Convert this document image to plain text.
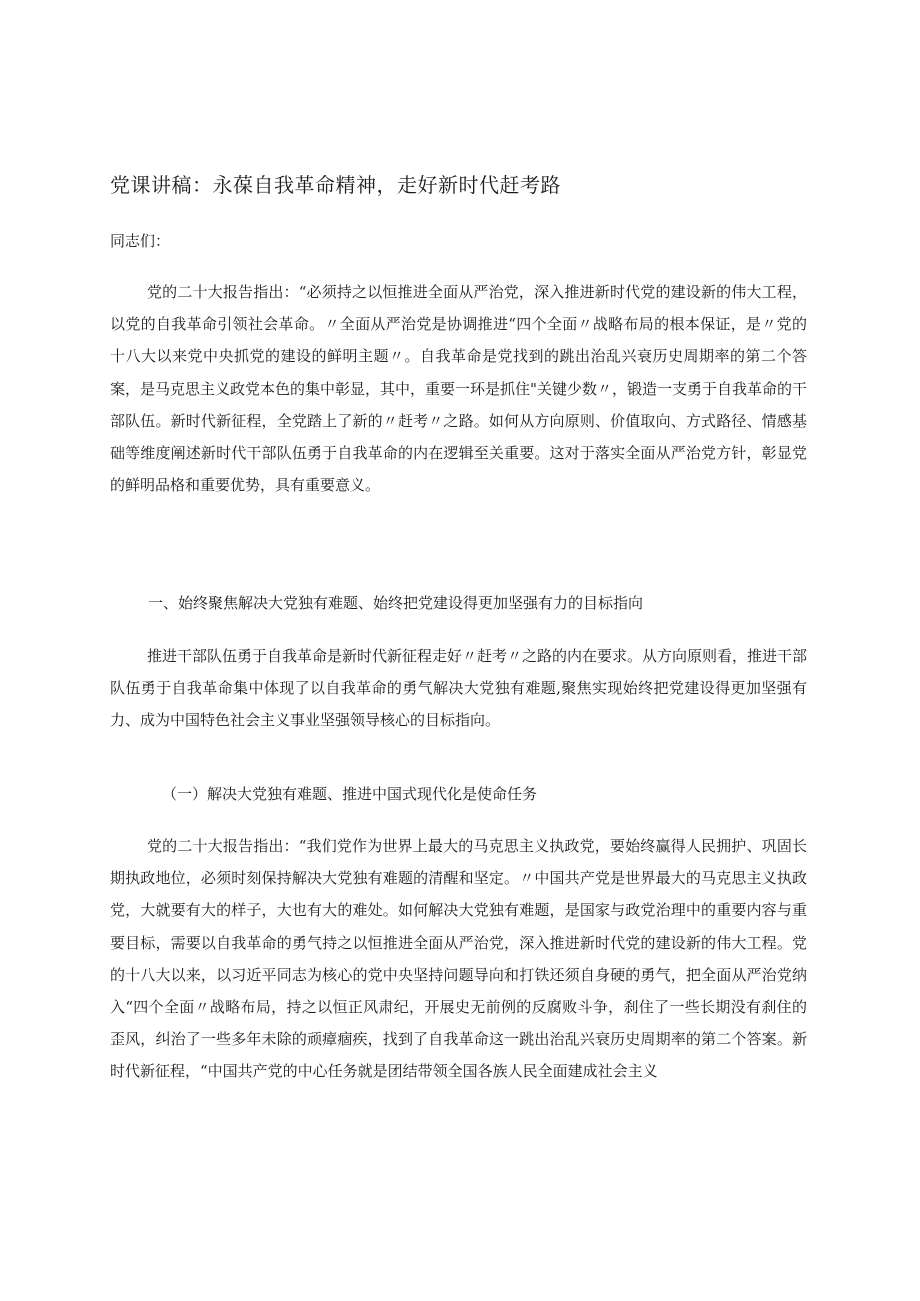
党课讲稿：永葆自我革命精神，走好新时代赶考路
同志们：

党的二十大报告指出：“必须持之以恒推进全面从严治党，深入推进新时代党的建设新的伟大工程，以党的自我革命引领社会革命。〃全面从严治党是协调推进“四个全面〃战略布局的根本保证，是〃党的十八大以来党中央抓党的建设的鲜明主题〃。自我革命是党找到的跳出治乱兴衰历史周期率的第二个答案，是马克思主义政党本色的集中彰显，其中，重要一环是抓住"关键少数〃，锻造一支勇于自我革命的干部队伍。新时代新征程，全党踏上了新的〃赶考〃之路。如何从方向原则、价值取向、方式路径、情感基础等维度阐述新时代干部队伍勇于自我革命的内在逻辑至关重要。这对于落实全面从严治党方针，彰显党的鲜明品格和重要优势，具有重要意义。

一、始终聚焦解决大党独有难题、始终把党建设得更加坚强有力的目标指向

推进干部队伍勇于自我革命是新时代新征程走好〃赶考〃之路的内在要求。从方向原则看，推进干部队伍勇于自我革命集中体现了以自我革命的勇气解决大党独有难题,聚焦实现始终把党建设得更加坚强有力、成为中国特色社会主义事业坚强领导核心的目标指向。

（一）解决大党独有难题、推进中国式现代化是使命任务

党的二十大报告指出：“我们党作为世界上最大的马克思主义执政党，要始终赢得人民拥护、巩固长期执政地位，必须时刻保持解决大党独有难题的清醒和坚定。〃中国共产党是世界最大的马克思主义执政党，大就要有大的样子，大也有大的难处。如何解决大党独有难题，是国家与政党治理中的重要内容与重要目标，需要以自我革命的勇气持之以恒推进全面从严治党，深入推进新时代党的建设新的伟大工程。党的十八大以来，以习近平同志为核心的党中央坚持问题导向和打铁还须自身硬的勇气，把全面从严治党纳入“四个全面〃战略布局，持之以恒正风肃纪，开展史无前例的反腐败斗争，刹住了一些长期没有刹住的歪风，纠治了一些多年未除的顽瘴痼疾，找到了自我革命这一跳出治乱兴衰历史周期率的第二个答案。新时代新征程，“中国共产党的中心任务就是团结带领全国各族人民全面建成社会主义
